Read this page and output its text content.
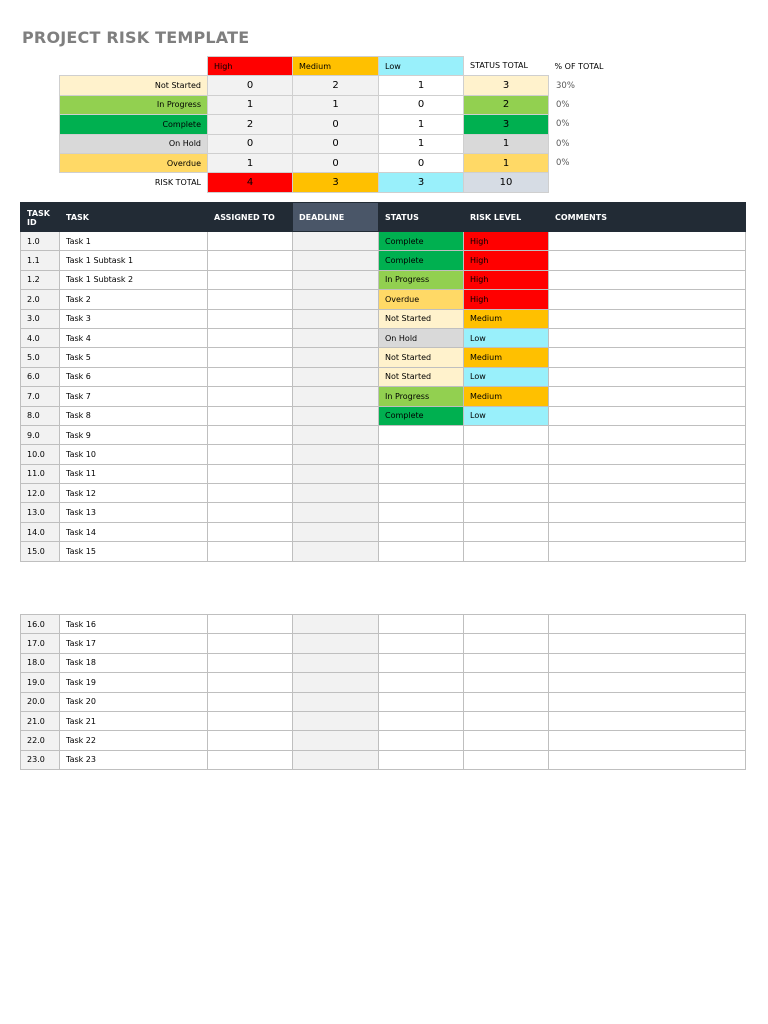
PROJECT RISK TEMPLATE
	High	Medium	Low	STATUS TOTAL	% OF TOTAL
Not Started	0	2	1	3	30%
In Progress	1	1	0	2	0%
Complete	2	0	1	3	0%
On Hold	0	0	1	1	0%
Overdue	1	0	0	1	0%
RISK TOTAL	4	3	3	10	
TASK ID	TASK	ASSIGNED TO	DEADLINE	STATUS	RISK LEVEL	COMMENTS
1.0	Task 1			Complete	High	
1.1	Task 1 Subtask 1			Complete	High	
1.2	Task 1 Subtask 2			In Progress	High	
2.0	Task 2			Overdue	High	
3.0	Task 3			Not Started	Medium	
4.0	Task 4			On Hold	Low	
5.0	Task 5			Not Started	Medium	
6.0	Task 6			Not Started	Low	
7.0	Task 7			In Progress	Medium	
8.0	Task 8			Complete	Low	
9.0	Task 9					
10.0	Task 10					
11.0	Task 11					
12.0	Task 12					
13.0	Task 13					
14.0	Task 14					
15.0	Task 15					
16.0	Task 16					
17.0	Task 17					
18.0	Task 18					
19.0	Task 19					
20.0	Task 20					
21.0	Task 21					
22.0	Task 22					
23.0	Task 23					
